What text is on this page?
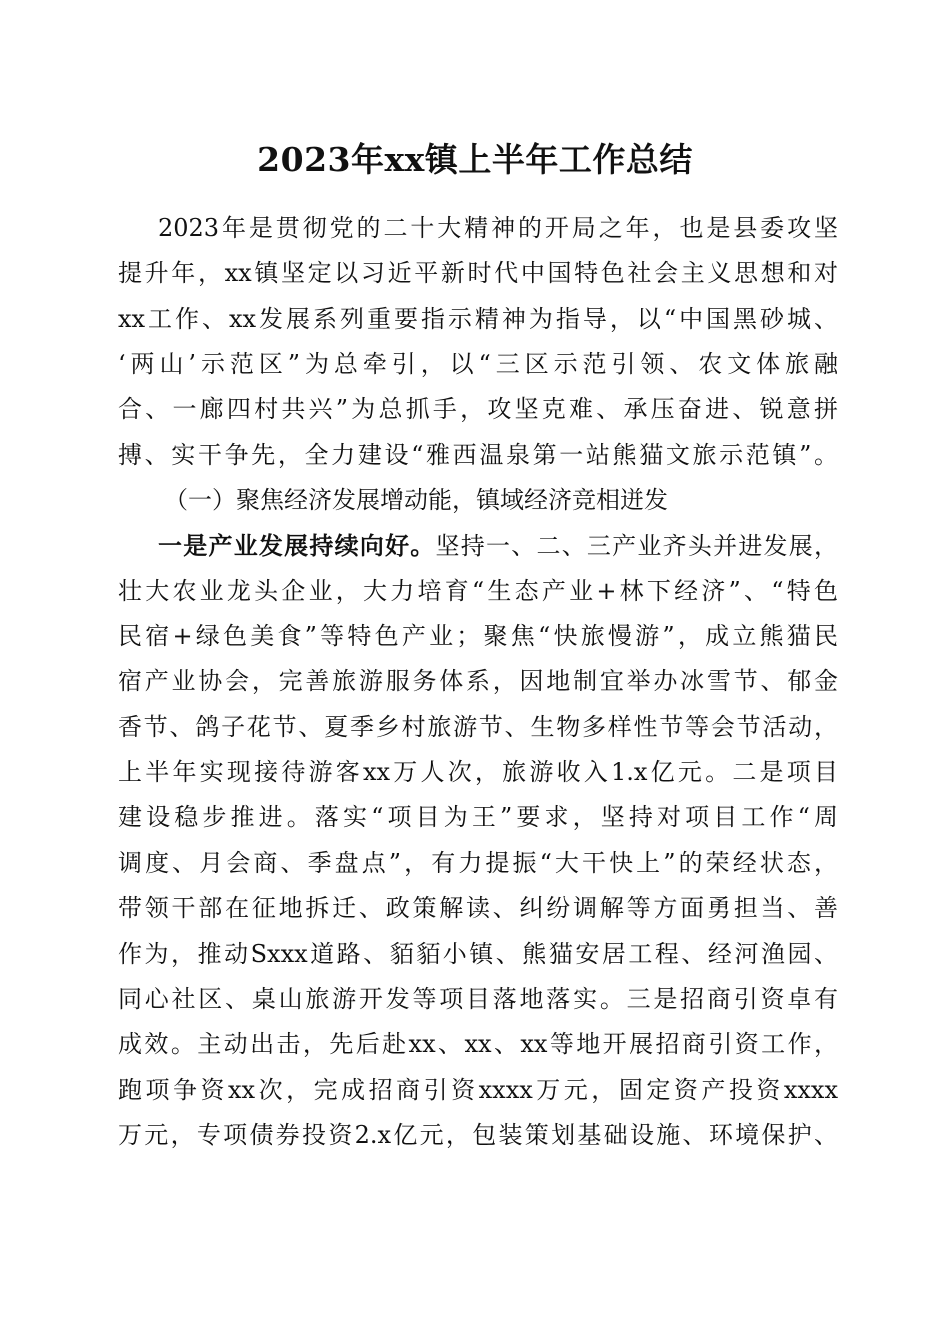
2023年xx镇上半年工作总结
2023年是贯彻党的二十大精神的开局之年，也是县委攻坚
提升年，xx镇坚定以习近平新时代中国特色社会主义思想和对
xx工作、xx发展系列重要指示精神为指导，以“中国黑砂城、
‘两山’示范区”为总牵引，以“三区示范引领、农文体旅融
合、一廊四村共兴”为总抓手，攻坚克难、承压奋进、锐意拼
搏、实干争先，全力建设“雅西温泉第一站熊猫文旅示范镇”。
（一）聚焦经济发展增动能，镇域经济竞相迸发
一是产业发展持续向好。坚持一、二、三产业齐头并进发展，
壮大农业龙头企业，大力培育“生态产业+林下经济”、“特色
民宿+绿色美食”等特色产业；聚焦“快旅慢游”，成立熊猫民
宿产业协会，完善旅游服务体系，因地制宜举办冰雪节、郁金
香节、鸽子花节、夏季乡村旅游节、生物多样性节等会节活动，
上半年实现接待游客xx万人次，旅游收入1.x亿元。二是项目
建设稳步推进。落实“项目为王”要求，坚持对项目工作“周
调度、月会商、季盘点”，有力提振“大干快上”的荣经状态，
带领干部在征地拆迁、政策解读、纠纷调解等方面勇担当、善
作为，推动Sxxx道路、貊貊小镇、熊猫安居工程、经河渔园、
同心社区、桌山旅游开发等项目落地落实。三是招商引资卓有
成效。主动出击，先后赴xx、xx、xx等地开展招商引资工作，
跑项争资xx次，完成招商引资xxxx万元，固定资产投资xxxx
万元，专项债券投资2.x亿元，包装策划基础设施、环境保护、
